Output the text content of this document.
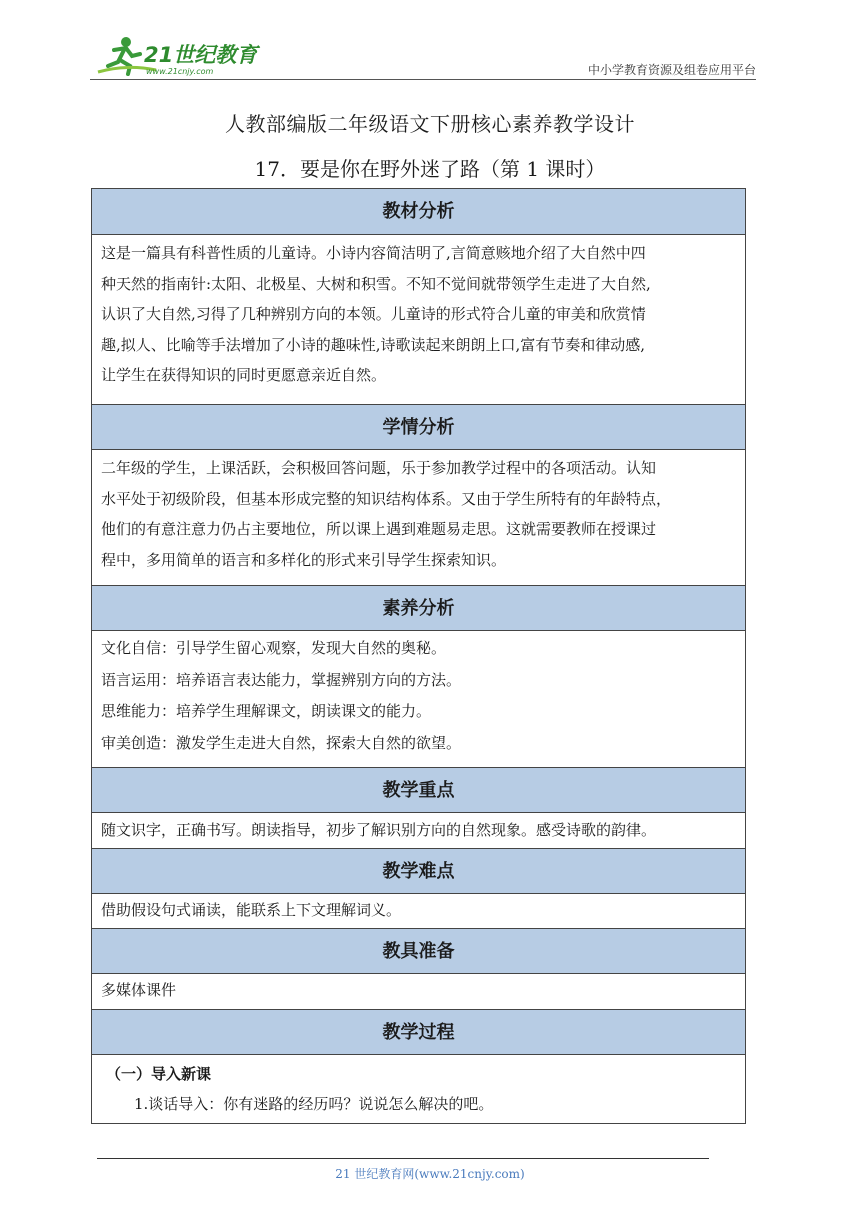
21世纪教育
www.21cnjy.com	中小学教育资源及组卷应用平台
人教部编版二年级语文下册核心素养教学设计
17．要是你在野外迷了路（第 1 课时）
教材分析
这是一篇具有科普性质的儿童诗。小诗内容简洁明了,言简意赅地介绍了大自然中四
种天然的指南针:太阳、北极星、大树和积雪。不知不觉间就带领学生走进了大自然,
认识了大自然,习得了几种辨别方向的本领。儿童诗的形式符合儿童的审美和欣赏情
趣,拟人、比喻等手法增加了小诗的趣味性,诗歌读起来朗朗上口,富有节奏和律动感,
让学生在获得知识的同时更愿意亲近自然。
学情分析
二年级的学生，上课活跃，会积极回答问题，乐于参加教学过程中的各项活动。认知
水平处于初级阶段，但基本形成完整的知识结构体系。又由于学生所特有的年龄特点，
他们的有意注意力仍占主要地位，所以课上遇到难题易走思。这就需要教师在授课过
程中，多用简单的语言和多样化的形式来引导学生探索知识。
素养分析
文化自信：引导学生留心观察，发现大自然的奥秘。
语言运用：培养语言表达能力，掌握辨别方向的方法。
思维能力：培养学生理解课文，朗读课文的能力。
审美创造：激发学生走进大自然，探索大自然的欲望。
教学重点
随文识字，正确书写。朗读指导，初步了解识别方向的自然现象。感受诗歌的韵律。
教学难点
借助假设句式诵读，能联系上下文理解词义。
教具准备
多媒体课件
教学过程
（一）导入新课
1.谈话导入：你有迷路的经历吗？说说怎么解决的吧。
21 世纪教育网(www.21cnjy.com)
